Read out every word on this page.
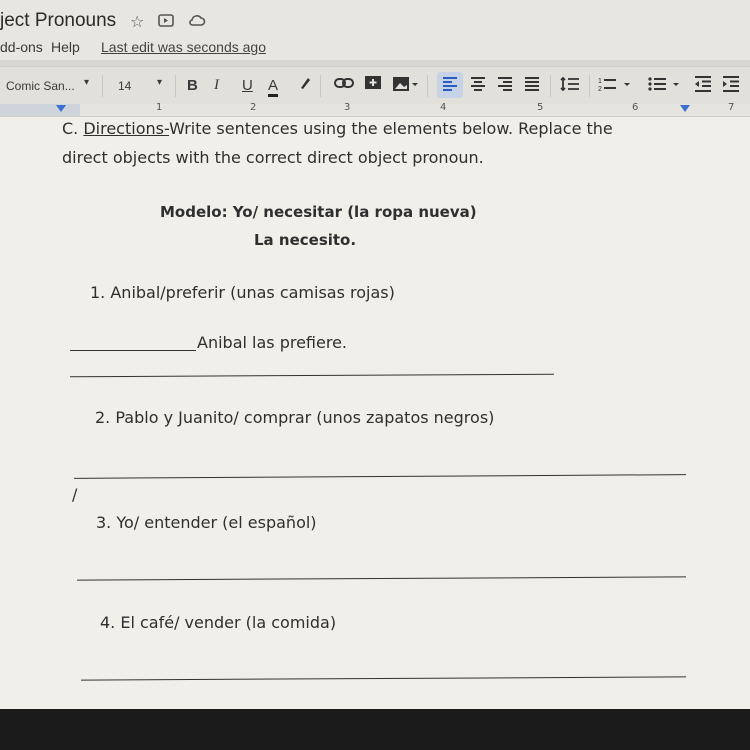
ject Pronouns ☆
dd-ons Help Last edit was seconds ago
Comic San... ▾ 14	▾ B I U A	1
2
1	2	3	4	5	6	7
C. Directions-Write sentences using the elements below. Replace the
direct objects with the correct direct object pronoun.
Modelo: Yo/ necesitar (la ropa nueva)
La necesito.
1. Anibal/preferir (unas camisas rojas)
Anibal las prefiere.
2. Pablo y Juanito/ comprar (unos zapatos negros)
/
3. Yo/ entender (el español)
4. El café/ vender (la comida)
